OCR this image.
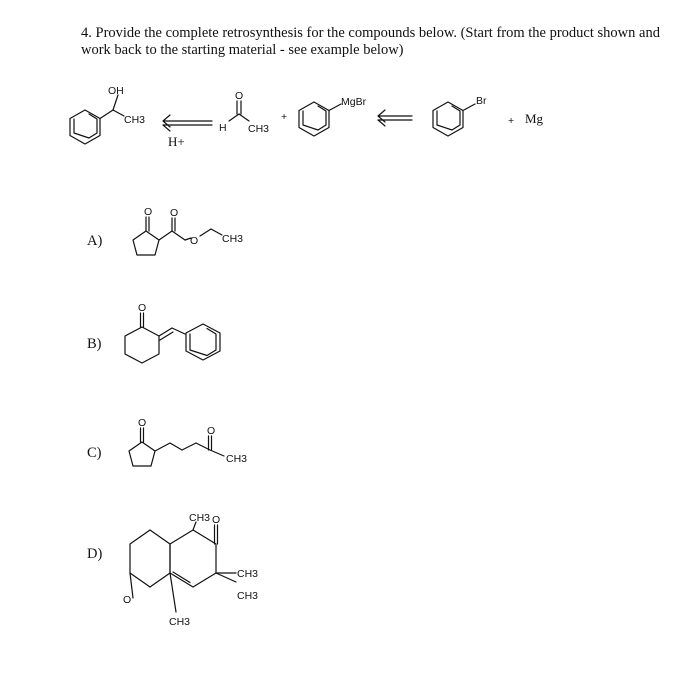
4. Provide the complete retrosynthesis for the compounds below. (Start from the product shown and
work back to the starting material - see example below)
A)
B)
C)
D)
OH
CH3
H+
O
H CH3
+
MgBr	Br
+ Mg
O O
O CH3
O
O
O
CH3
CH3 O
CH3
CH3
O
CH3
